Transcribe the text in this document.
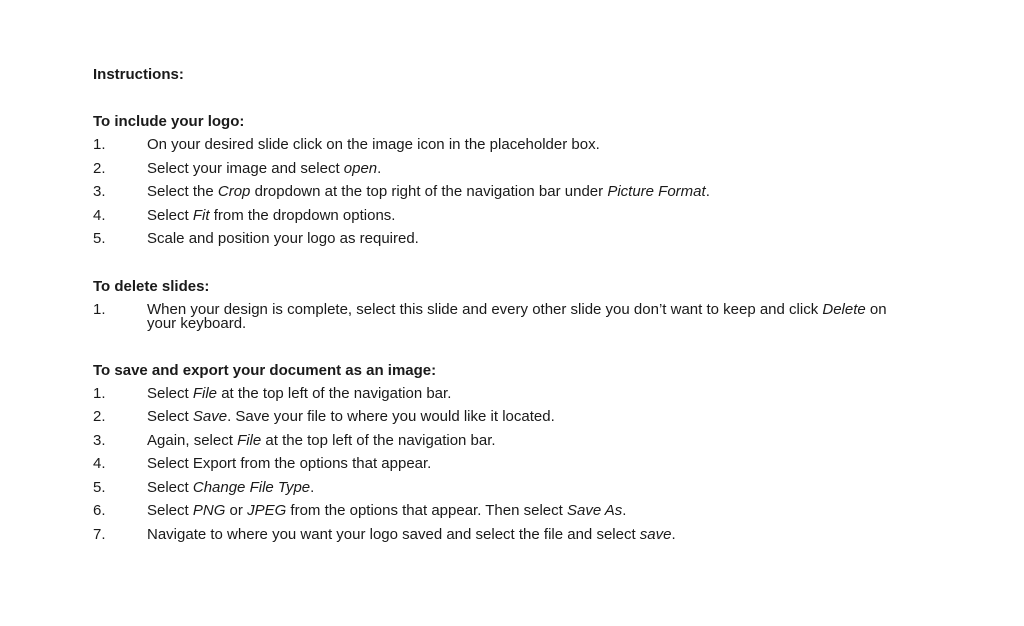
Instructions:
To include your logo:
1.	On your desired slide click on the image icon in the placeholder box.
2.	Select your image and select open.
3.	Select the Crop dropdown at the top right of the navigation bar under Picture Format.
4.	Select Fit from the dropdown options.
5.	Scale and position your logo as required.
To delete slides:
1.	When your design is complete, select this slide and every other slide you don’t want to keep and click Delete on your keyboard.
To save and export your document as an image:
1.	Select File at the top left of the navigation bar.
2.	Select Save. Save your file to where you would like it located.
3.	Again, select File at the top left of the navigation bar.
4.	Select Export from the options that appear.
5.	Select Change File Type.
6.	Select PNG or JPEG from the options that appear. Then select Save As.
7.	Navigate to where you want your logo saved and select the file and select save.
